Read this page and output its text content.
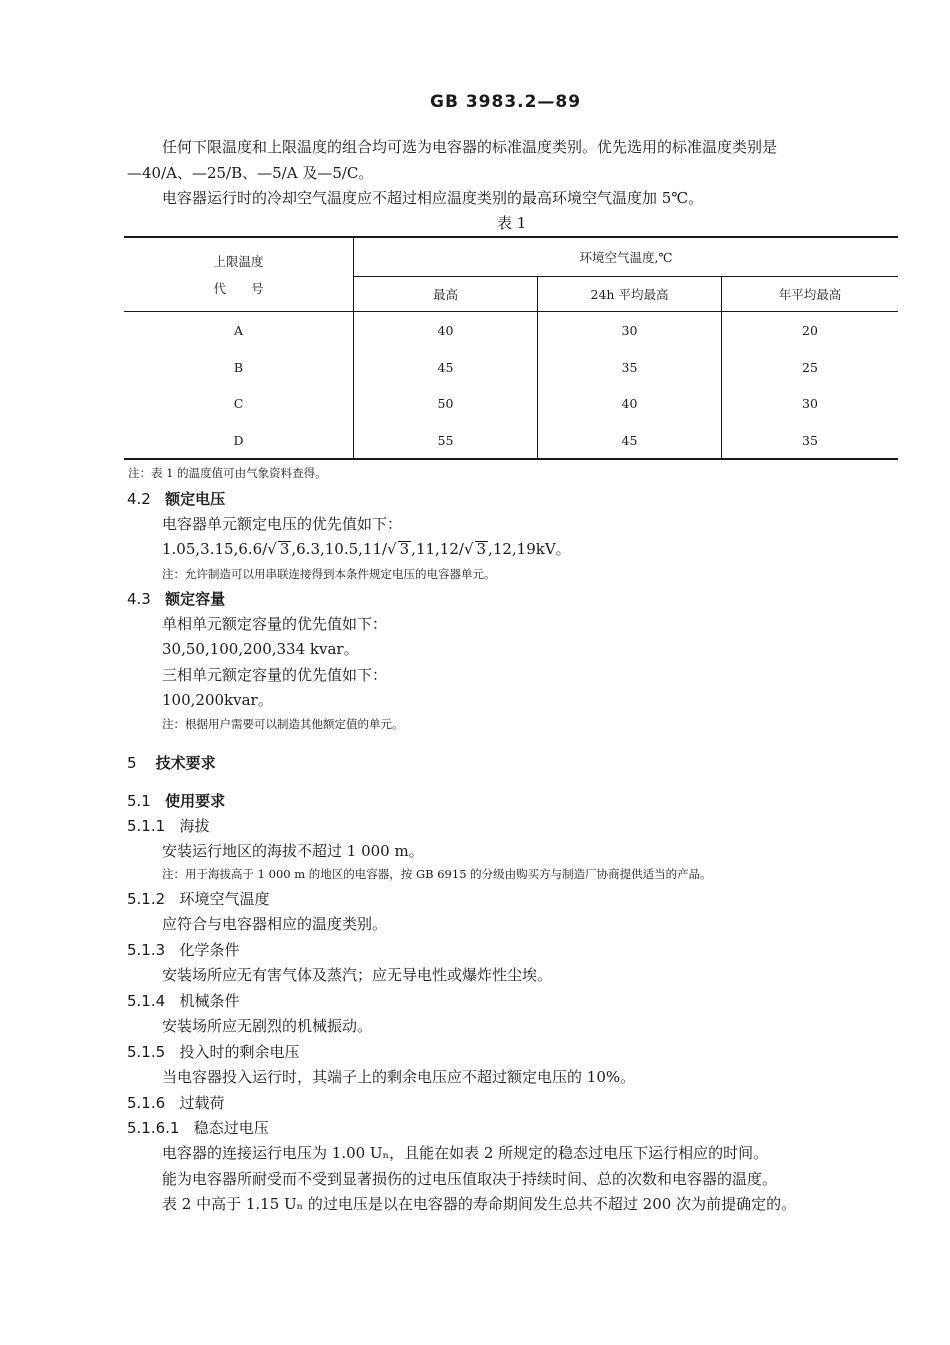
GB 3983.2—89
任何下限温度和上限温度的组合均可选为电容器的标准温度类别。优先选用的标准温度类别是
—40/A、—25/B、—5/A 及—5/C。
电容器运行时的冷却空气温度应不超过相应温度类别的最高环境空气温度加 5℃。
表 1
上限温度
代　　号	环境空气温度,℃		
	最高	24h 平均最高	年平均最高
A	40	30	20
B	45	35	25
C	50	40	30
D	55	45	35
注：表 1 的温度值可由气象资料查得。
4.2 额定电压
电容器单元额定电压的优先值如下：
1.05,3.15,6.6/√ 3 ,6.3,10.5,11/√ 3 ,11,12/√ 3 ,12,19kV。
注：允许制造可以用串联连接得到本条件规定电压的电容器单元。
4.3 额定容量
单相单元额定容量的优先值如下：
30,50,100,200,334 kvar。
三相单元额定容量的优先值如下：
100,200kvar。
注：根据用户需要可以制造其他额定值的单元。
5 技术要求
5.1 使用要求
5.1.1 海拔
安装运行地区的海拔不超过 1 000 m。
注：用于海拔高于 1 000 m 的地区的电容器，按 GB 6915 的分级由购买方与制造厂协商提供适当的产品。
5.1.2 环境空气温度
应符合与电容器相应的温度类别。
5.1.3 化学条件
安装场所应无有害气体及蒸汽；应无导电性或爆炸性尘埃。
5.1.4 机械条件
安装场所应无剧烈的机械振动。
5.1.5 投入时的剩余电压
当电容器投入运行时，其端子上的剩余电压应不超过额定电压的 10%。
5.1.6 过载荷
5.1.6.1 稳态过电压
电容器的连接运行电压为 1.00 Uₙ，且能在如表 2 所规定的稳态过电压下运行相应的时间。
能为电容器所耐受而不受到显著损伤的过电压值取决于持续时间、总的次数和电容器的温度。
表 2 中高于 1.15 Uₙ 的过电压是以在电容器的寿命期间发生总共不超过 200 次为前提确定的。
